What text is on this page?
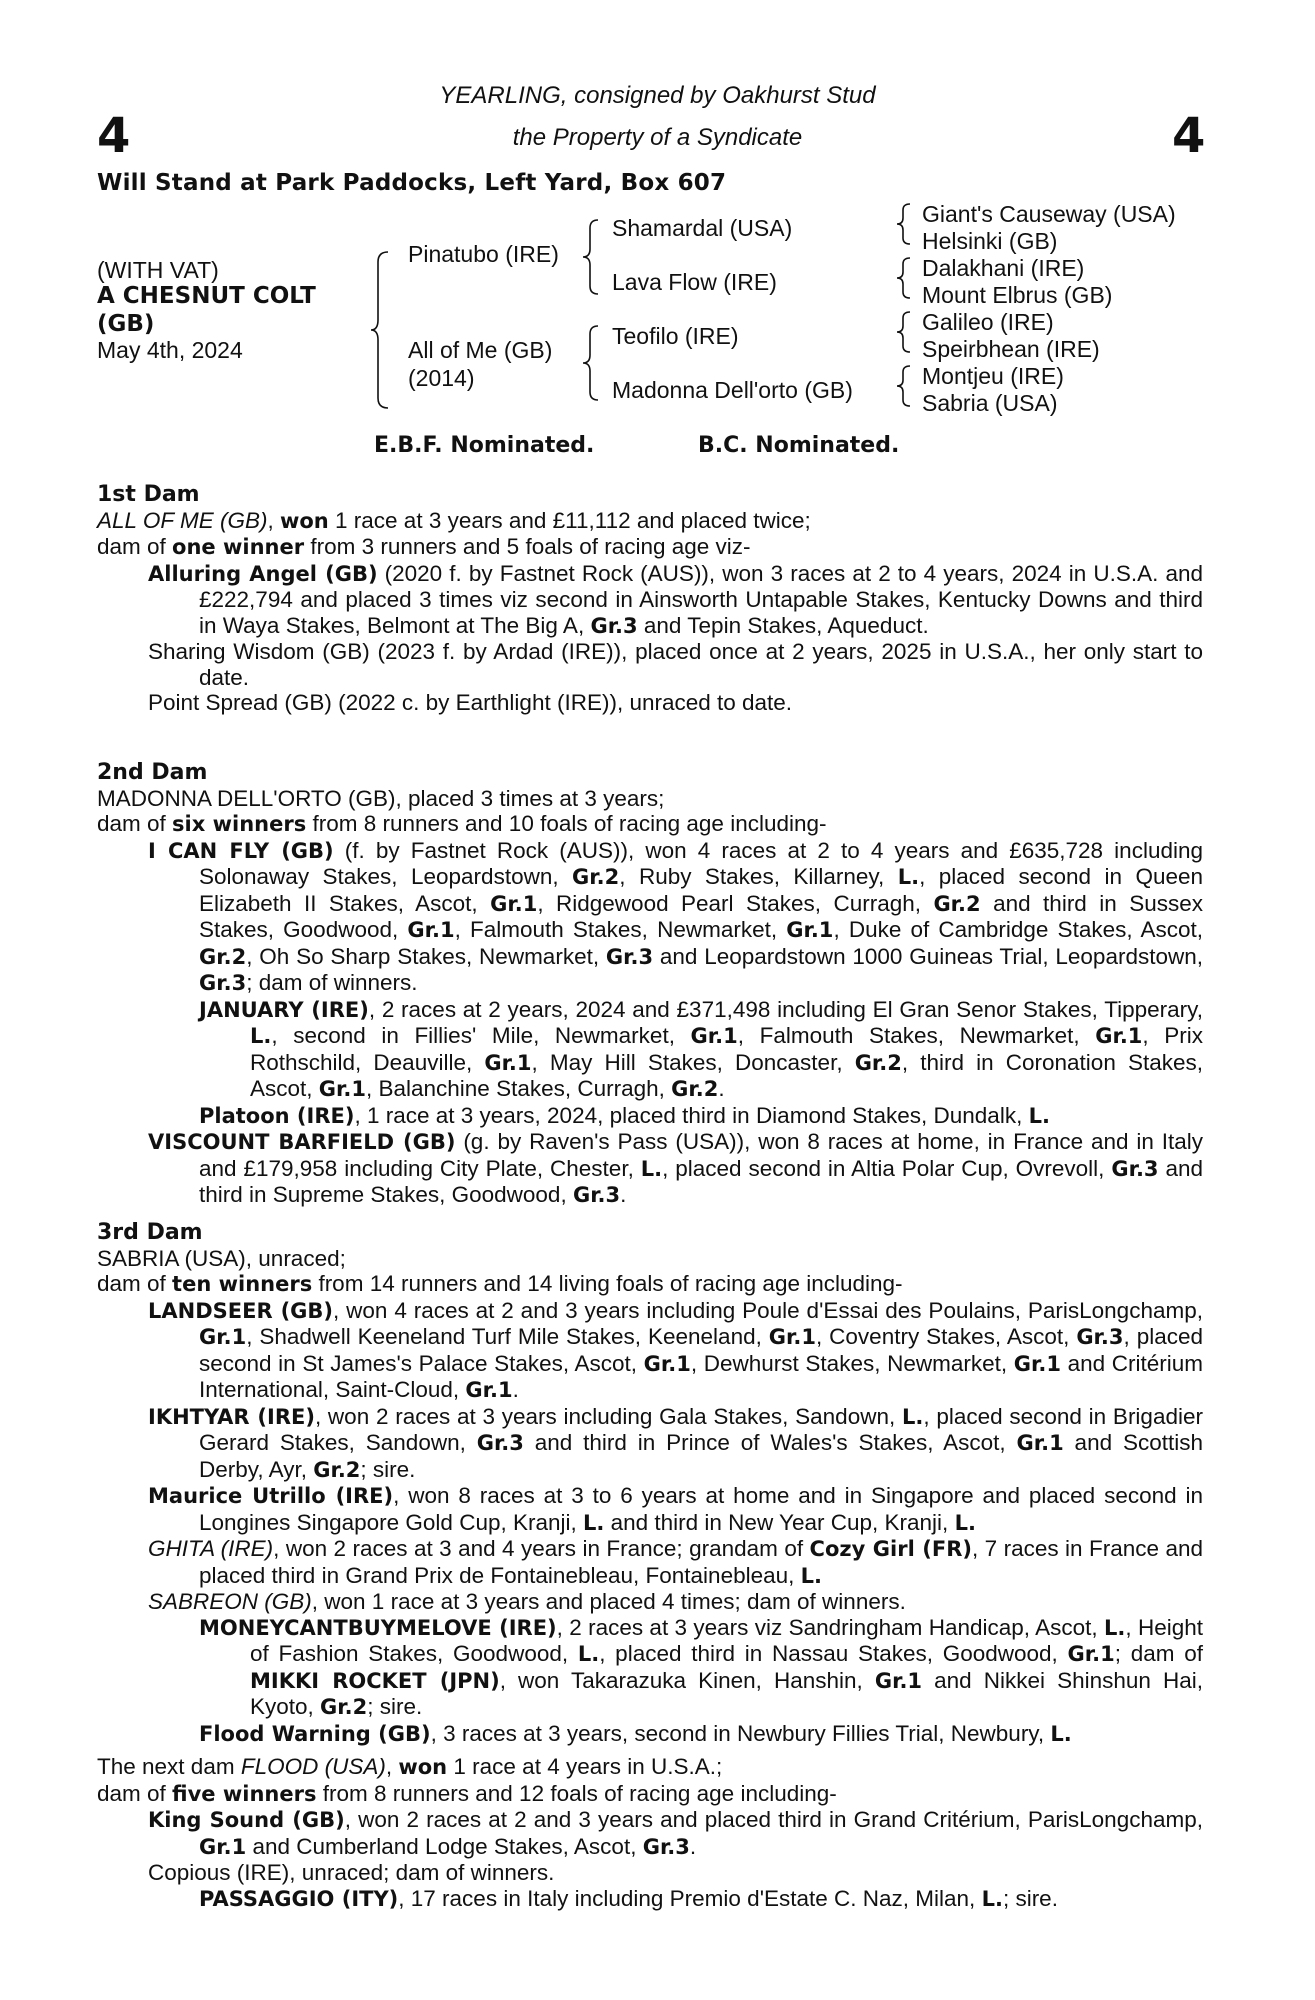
4	4
YEARLING, consigned by Oakhurst Stud
the Property of a Syndicate
Will Stand at Park Paddocks, Left Yard, Box 607
(WITH VAT)
A CHESNUT COLT
(GB)
May 4th, 2024
Pinatubo (IRE)
All of Me (GB)
(2014)
Shamardal (USA)
Lava Flow (IRE)
Teofilo (IRE)
Madonna Dell'orto (GB)
Giant's Causeway (USA)
Helsinki (GB)
Dalakhani (IRE)
Mount Elbrus (GB)
Galileo (IRE)
Speirbhean (IRE)
Montjeu (IRE)
Sabria (USA)
E.B.F. Nominated.	B.C. Nominated.

1st Dam

ALL OF ME (GB), won 1 race at 3 years and £11,112 and placed twice;

dam of one winner from 3 runners and 5 foals of racing age viz-

Alluring Angel (GB) (2020 f. by Fastnet Rock (AUS)), won 3 races at 2 to 4 years, 2024 in U.S.A. and £222,794 and placed 3 times viz second in Ainsworth Untapable Stakes, Kentucky Downs and third in Waya Stakes, Belmont at The Big A, Gr.3 and Tepin Stakes, Aqueduct.

Sharing Wisdom (GB) (2023 f. by Ardad (IRE)), placed once at 2 years, 2025 in U.S.A., her only start to date.

Point Spread (GB) (2022 c. by Earthlight (IRE)), unraced to date.

2nd Dam

MADONNA DELL'ORTO (GB), placed 3 times at 3 years;

dam of six winners from 8 runners and 10 foals of racing age including-

I CAN FLY (GB) (f. by Fastnet Rock (AUS)), won 4 races at 2 to 4 years and £635,728 including Solonaway Stakes, Leopardstown, Gr.2, Ruby Stakes, Killarney, L., placed second in Queen Elizabeth II Stakes, Ascot, Gr.1, Ridgewood Pearl Stakes, Curragh, Gr.2 and third in Sussex Stakes, Goodwood, Gr.1, Falmouth Stakes, Newmarket, Gr.1, Duke of Cambridge Stakes, Ascot, Gr.2, Oh So Sharp Stakes, Newmarket, Gr.3 and Leopardstown 1000 Guineas Trial, Leopardstown, Gr.3; dam of winners.

JANUARY (IRE), 2 races at 2 years, 2024 and £371,498 including El Gran Senor Stakes, Tipperary, L., second in Fillies' Mile, Newmarket, Gr.1, Falmouth Stakes, Newmarket, Gr.1, Prix Rothschild, Deauville, Gr.1, May Hill Stakes, Doncaster, Gr.2, third in Coronation Stakes, Ascot, Gr.1, Balanchine Stakes, Curragh, Gr.2.

Platoon (IRE), 1 race at 3 years, 2024, placed third in Diamond Stakes, Dundalk, L.

VISCOUNT BARFIELD (GB) (g. by Raven's Pass (USA)), won 8 races at home, in France and in Italy and £179,958 including City Plate, Chester, L., placed second in Altia Polar Cup, Ovrevoll, Gr.3 and third in Supreme Stakes, Goodwood, Gr.3.

3rd Dam

SABRIA (USA), unraced;

dam of ten winners from 14 runners and 14 living foals of racing age including-

LANDSEER (GB), won 4 races at 2 and 3 years including Poule d'Essai des Poulains, ParisLongchamp, Gr.1, Shadwell Keeneland Turf Mile Stakes, Keeneland, Gr.1, Coventry Stakes, Ascot, Gr.3, placed second in St James's Palace Stakes, Ascot, Gr.1, Dewhurst Stakes, Newmarket, Gr.1 and Critérium International, Saint-Cloud, Gr.1.

IKHTYAR (IRE), won 2 races at 3 years including Gala Stakes, Sandown, L., placed second in Brigadier Gerard Stakes, Sandown, Gr.3 and third in Prince of Wales's Stakes, Ascot, Gr.1 and Scottish Derby, Ayr, Gr.2; sire.

Maurice Utrillo (IRE), won 8 races at 3 to 6 years at home and in Singapore and placed second in Longines Singapore Gold Cup, Kranji, L. and third in New Year Cup, Kranji, L.

GHITA (IRE), won 2 races at 3 and 4 years in France; grandam of Cozy Girl (FR), 7 races in France and placed third in Grand Prix de Fontainebleau, Fontainebleau, L.

SABREON (GB), won 1 race at 3 years and placed 4 times; dam of winners.

MONEYCANTBUYMELOVE (IRE), 2 races at 3 years viz Sandringham Handicap, Ascot, L., Height of Fashion Stakes, Goodwood, L., placed third in Nassau Stakes, Goodwood, Gr.1; dam of MIKKI ROCKET (JPN), won Takarazuka Kinen, Hanshin, Gr.1 and Nikkei Shinshun Hai, Kyoto, Gr.2; sire.

Flood Warning (GB), 3 races at 3 years, second in Newbury Fillies Trial, Newbury, L.

The next dam FLOOD (USA), won 1 race at 4 years in U.S.A.;

dam of five winners from 8 runners and 12 foals of racing age including-

King Sound (GB), won 2 races at 2 and 3 years and placed third in Grand Critérium, ParisLongchamp, Gr.1 and Cumberland Lodge Stakes, Ascot, Gr.3.

Copious (IRE), unraced; dam of winners.

PASSAGGIO (ITY), 17 races in Italy including Premio d'Estate C. Naz, Milan, L.; sire.
